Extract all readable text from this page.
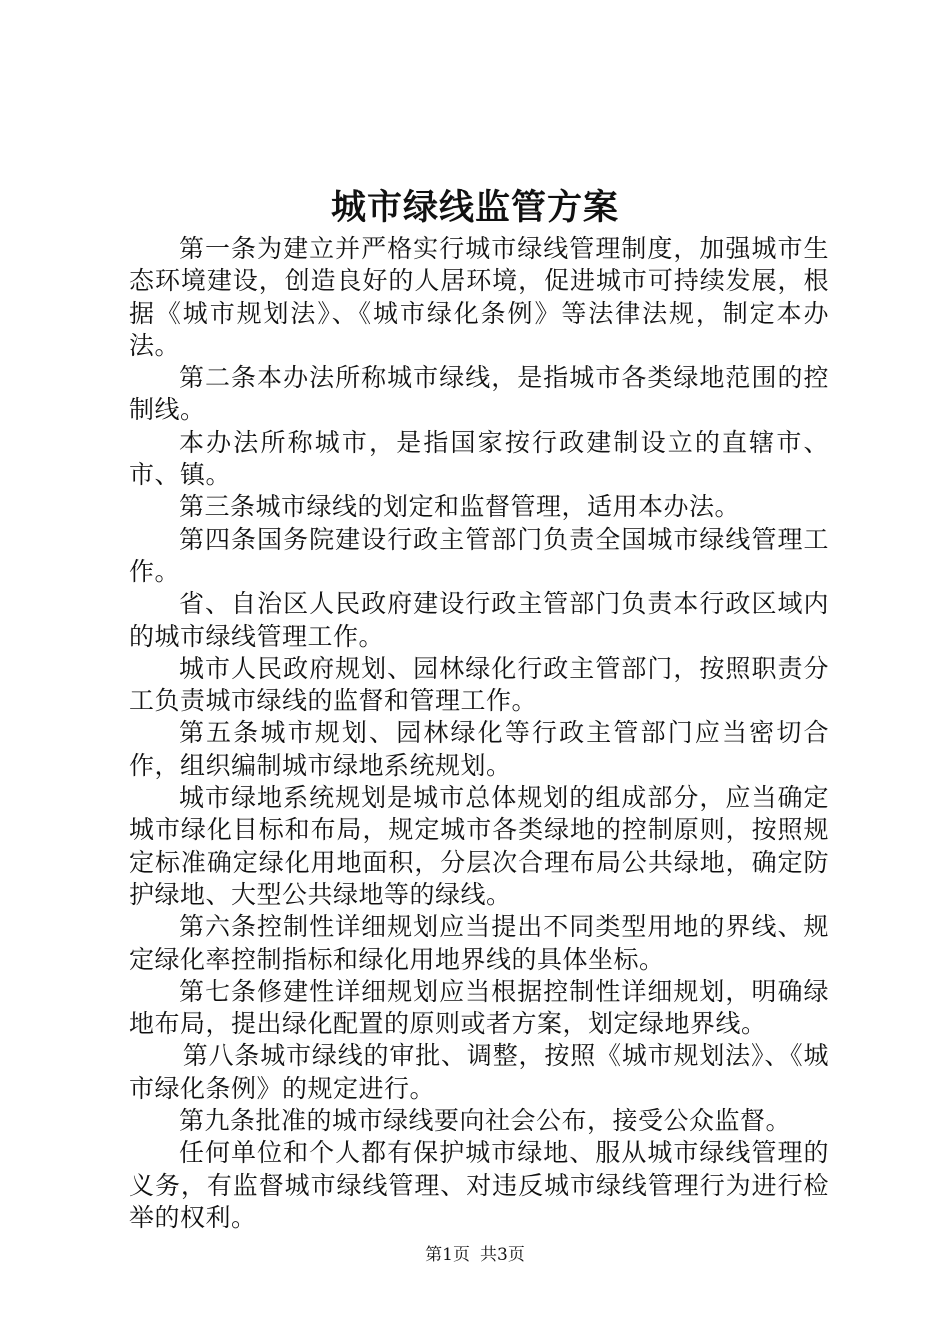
城市绿线监管方案

第一条为建立并严格实行城市绿线管理制度，加强城市生态环境建设，创造良好的人居环境，促进城市可持续发展，根据《城市规划法》、《城市绿化条例》等法律法规，制定本办法。

第二条本办法所称城市绿线，是指城市各类绿地范围的控制线。

本办法所称城市，是指国家按行政建制设立的直辖市、市、镇。

第三条城市绿线的划定和监督管理，适用本办法。

第四条国务院建设行政主管部门负责全国城市绿线管理工作。

省、自治区人民政府建设行政主管部门负责本行政区域内的城市绿线管理工作。

城市人民政府规划、园林绿化行政主管部门，按照职责分工负责城市绿线的监督和管理工作。

第五条城市规划、园林绿化等行政主管部门应当密切合作，组织编制城市绿地系统规划。

城市绿地系统规划是城市总体规划的组成部分，应当确定城市绿化目标和布局，规定城市各类绿地的控制原则，按照规定标准确定绿化用地面积，分层次合理布局公共绿地，确定防护绿地、大型公共绿地等的绿线。

第六条控制性详细规划应当提出不同类型用地的界线、规定绿化率控制指标和绿化用地界线的具体坐标。

第七条修建性详细规划应当根据控制性详细规划，明确绿地布局，提出绿化配置的原则或者方案，划定绿地界线。

第八条城市绿线的审批、调整，按照《城市规划法》、《城市绿化条例》的规定进行。

第九条批准的城市绿线要向社会公布，接受公众监督。

任何单位和个人都有保护城市绿地、服从城市绿线管理的义务，有监督城市绿线管理、对违反城市绿线管理行为进行检举的权利。

第1页 共3页
